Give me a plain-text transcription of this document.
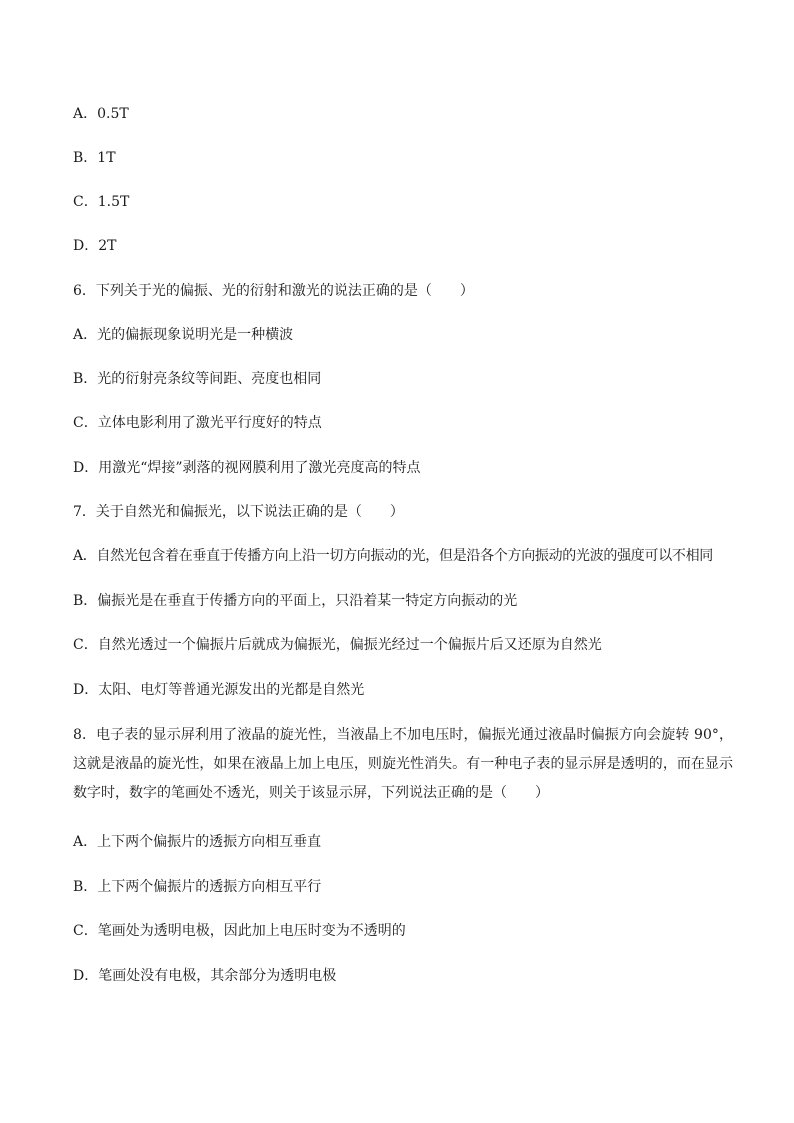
A．0.5T
B．1T
C．1.5T
D．2T
6．下列关于光的偏振、光的衍射和激光的说法正确的是（　　）
A．光的偏振现象说明光是一种横波
B．光的衍射亮条纹等间距、亮度也相同
C．立体电影利用了激光平行度好的特点
D．用激光“焊接”剥落的视网膜利用了激光亮度高的特点
7．关于自然光和偏振光，以下说法正确的是（　　）
A．自然光包含着在垂直于传播方向上沿一切方向振动的光，但是沿各个方向振动的光波的强度可以不相同
B．偏振光是在垂直于传播方向的平面上，只沿着某一特定方向振动的光
C．自然光透过一个偏振片后就成为偏振光，偏振光经过一个偏振片后又还原为自然光
D．太阳、电灯等普通光源发出的光都是自然光
8．电子表的显示屏利用了液晶的旋光性，当液晶上不加电压时，偏振光通过液晶时偏振方向会旋转 90°，这就是液晶的旋光性，如果在液晶上加上电压，则旋光性消失。有一种电子表的显示屏是透明的，而在显示数字时，数字的笔画处不透光，则关于该显示屏，下列说法正确的是（　　）
A．上下两个偏振片的透振方向相互垂直
B．上下两个偏振片的透振方向相互平行
C．笔画处为透明电极，因此加上电压时变为不透明的
D．笔画处没有电极，其余部分为透明电极
